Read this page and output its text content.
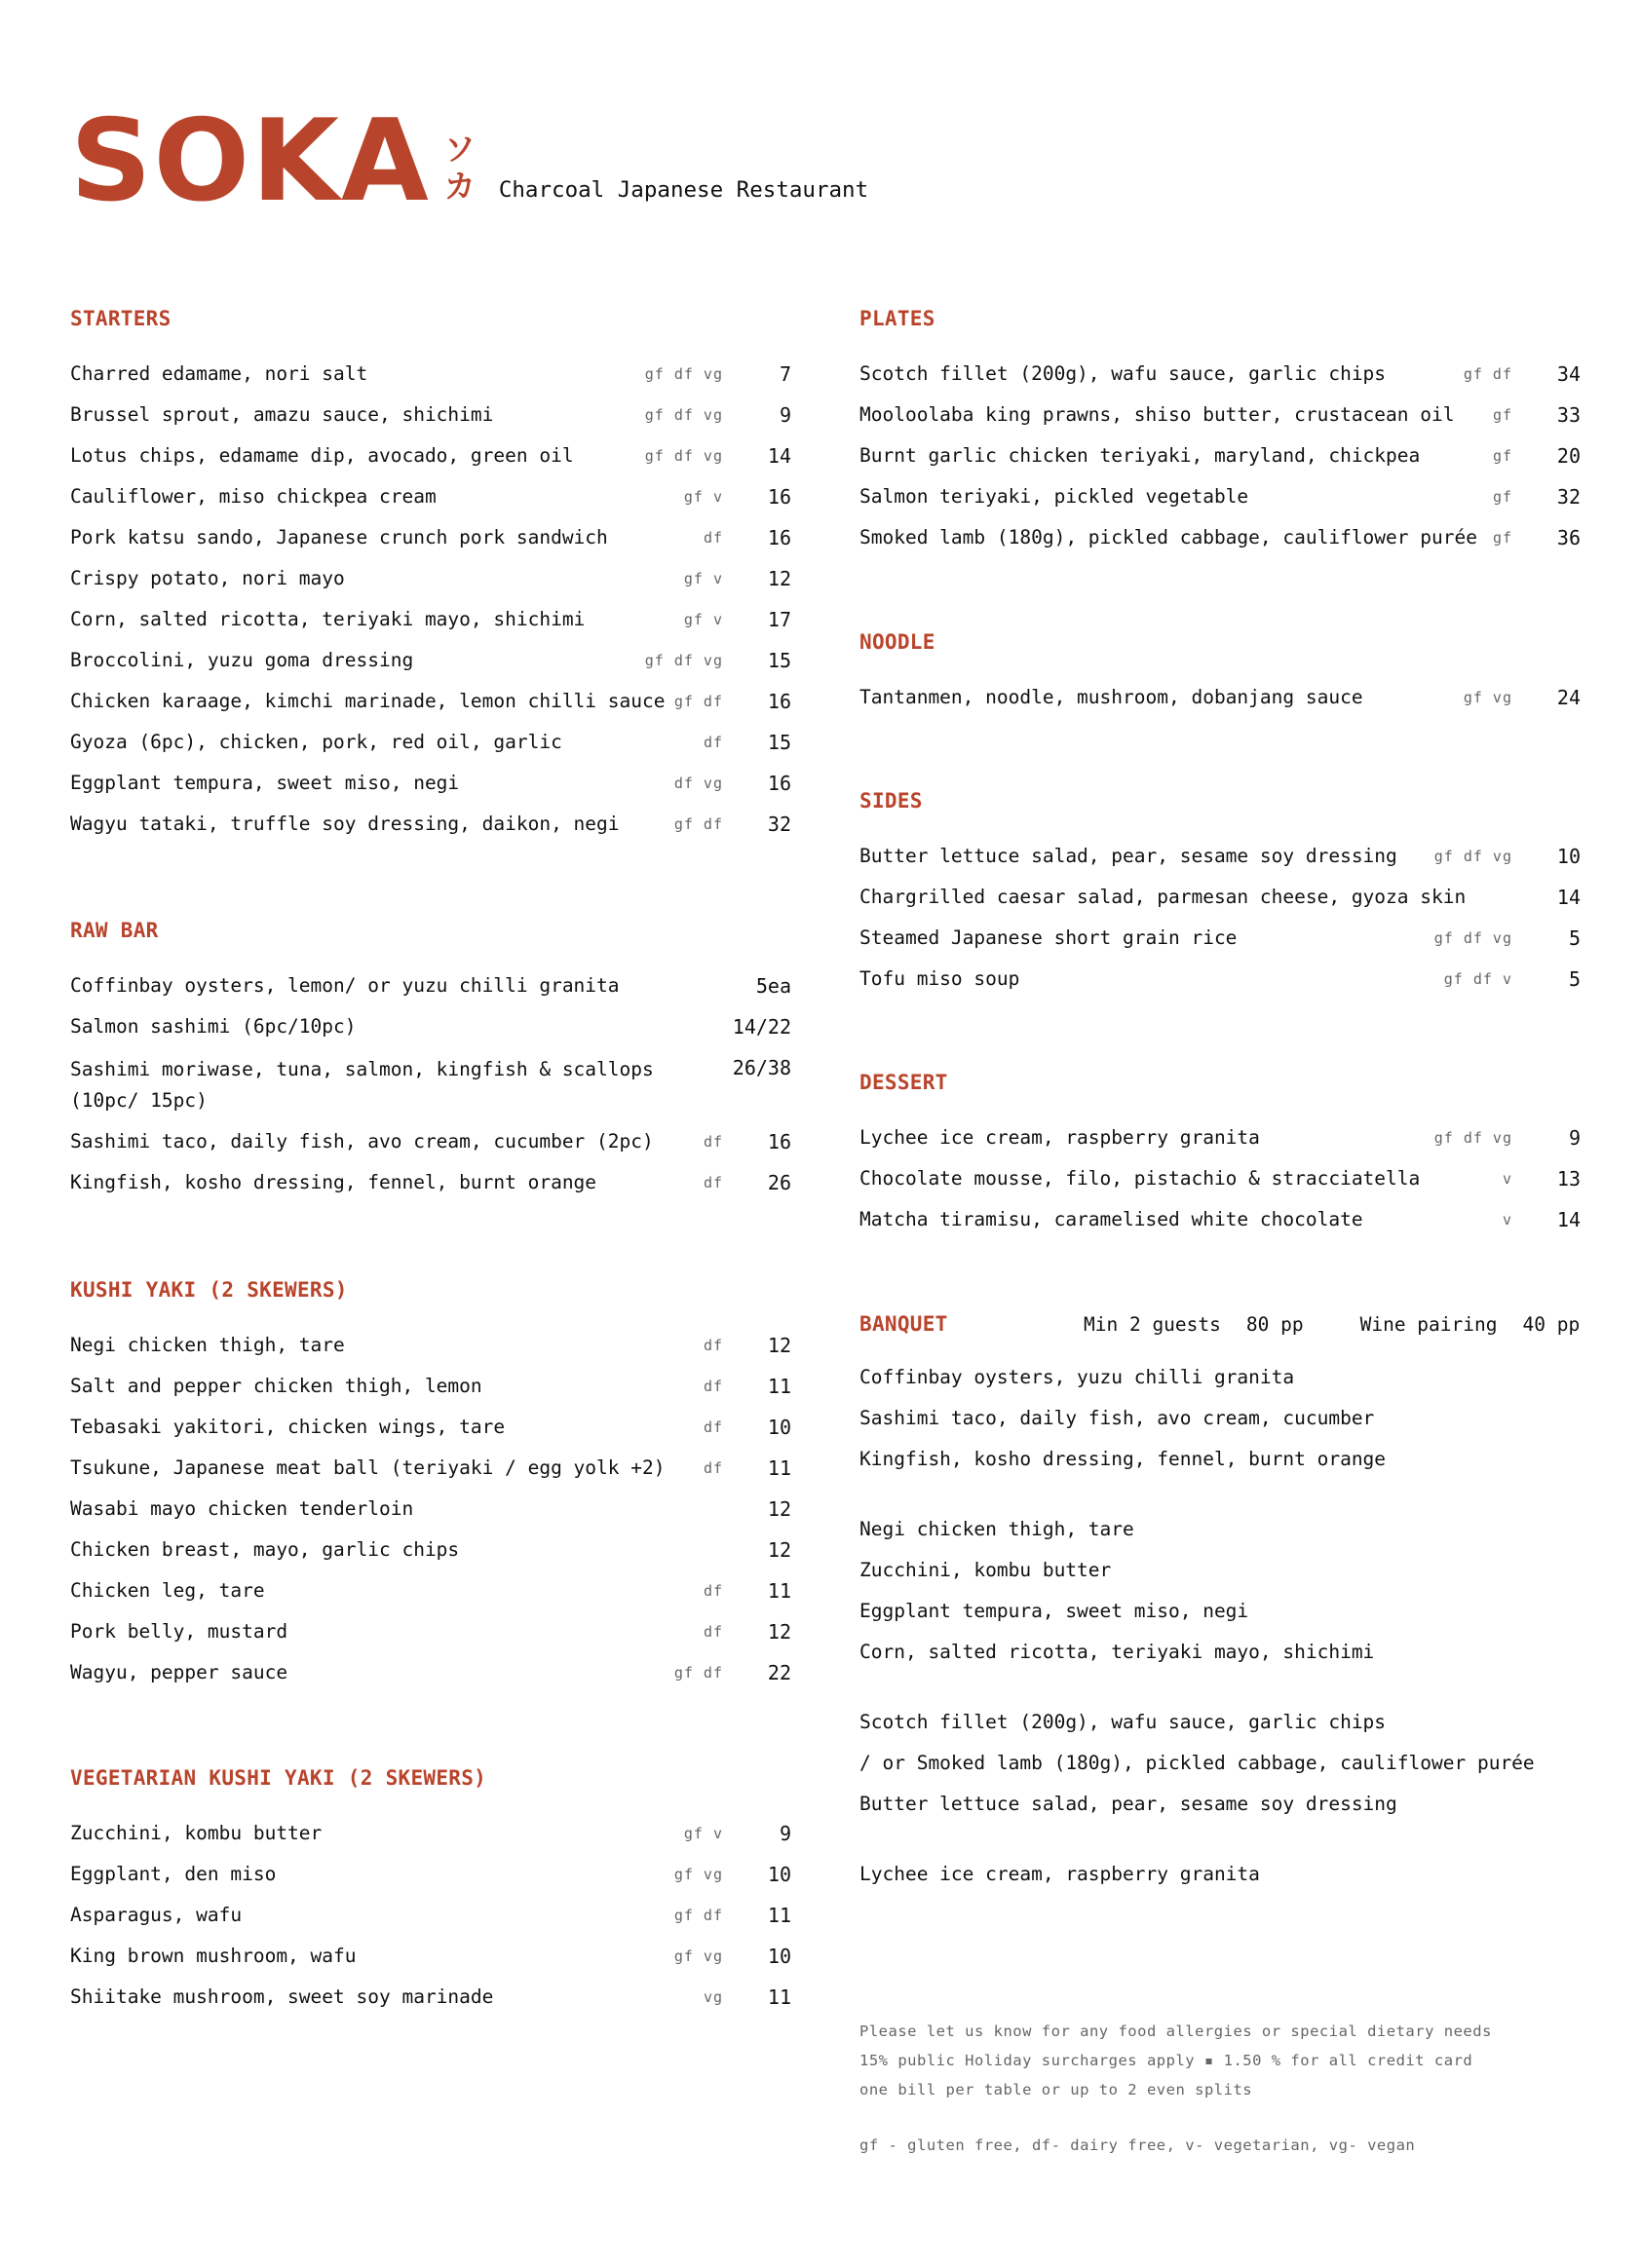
SOKA ソ
カ Charcoal Japanese Restaurant
STARTERS
Charred edamame, nori salt	gf df vg	7
Brussel sprout, amazu sauce, shichimi	gf df vg	9
Lotus chips, edamame dip, avocado, green oil	gf df vg 14
Cauliflower, miso chickpea cream	gf v 16
Pork katsu sando, Japanese crunch pork sandwich	df 16
Crispy potato, nori mayo	gf v 12
Corn, salted ricotta, teriyaki mayo, shichimi	gf v 17
Broccolini, yuzu goma dressing	gf df vg 15
Chicken karaage, kimchi marinade, lemon chilli sauce gf df 16
Gyoza (6pc), chicken, pork, red oil, garlic	df 15
Eggplant tempura, sweet miso, negi	df vg 16
Wagyu tataki, truffle soy dressing, daikon, negi	gf df 32
RAW BAR
Coffinbay oysters, lemon/ or yuzu chilli granita	5ea
Salmon sashimi (6pc/10pc)	14/22
Sashimi moriwase, tuna, salmon, kingfish & scallops (10pc/ 15pc)
26/38
Sashimi taco, daily fish, avo cream, cucumber (2pc)	df 16
Kingfish, kosho dressing, fennel, burnt orange	df 26
KUSHI YAKI (2 SKEWERS)
Negi chicken thigh, tare	df 12
Salt and pepper chicken thigh, lemon	df 11
Tebasaki yakitori, chicken wings, tare	df 10
Tsukune, Japanese meat ball (teriyaki / egg yolk +2)	df 11
Wasabi mayo chicken tenderloin	12
Chicken breast, mayo, garlic chips	12
Chicken leg, tare	df 11
Pork belly, mustard	df 12
Wagyu, pepper sauce	gf df 22
VEGETARIAN KUSHI YAKI (2 SKEWERS)
Zucchini, kombu butter	gf v	9
Eggplant, den miso	gf vg 10
Asparagus, wafu	gf df 11
King brown mushroom, wafu	gf vg 10
Shiitake mushroom, sweet soy marinade	vg 11
PLATES
Scotch fillet (200g), wafu sauce, garlic chips	gf df 34
Mooloolaba king prawns, shiso butter, crustacean oil	gf 33
Burnt garlic chicken teriyaki, maryland, chickpea	gf 20
Salmon teriyaki, pickled vegetable	gf 32
Smoked lamb (180g), pickled cabbage, cauliflower purée gf 36
NOODLE
Tantanmen, noodle, mushroom, dobanjang sauce	gf vg 24
SIDES
Butter lettuce salad, pear, sesame soy dressing	gf df vg 10
Chargrilled caesar salad, parmesan cheese, gyoza skin	14
Steamed Japanese short grain rice	gf df vg	5
Tofu miso soup	gf df v	5
DESSERT
Lychee ice cream, raspberry granita	gf df vg	9
Chocolate mousse, filo, pistachio & stracciatella	v 13
Matcha tiramisu, caramelised white chocolate	v 14
BANQUET	Min 2 guests 80 pp	Wine pairing 40 pp
Coffinbay oysters, yuzu chilli granita
Sashimi taco, daily fish, avo cream, cucumber
Kingfish, kosho dressing, fennel, burnt orange
Negi chicken thigh, tare
Zucchini, kombu butter
Eggplant tempura, sweet miso, negi
Corn, salted ricotta, teriyaki mayo, shichimi
Scotch fillet (200g), wafu sauce, garlic chips
/ or Smoked lamb (180g), pickled cabbage, cauliflower purée
Butter lettuce salad, pear, sesame soy dressing
Lychee ice cream, raspberry granita
Please let us know for any food allergies or special dietary needs
15% public Holiday surcharges apply ▪ 1.50 % for all credit card
one bill per table or up to 2 even splits
gf - gluten free, df- dairy free, v- vegetarian, vg- vegan
